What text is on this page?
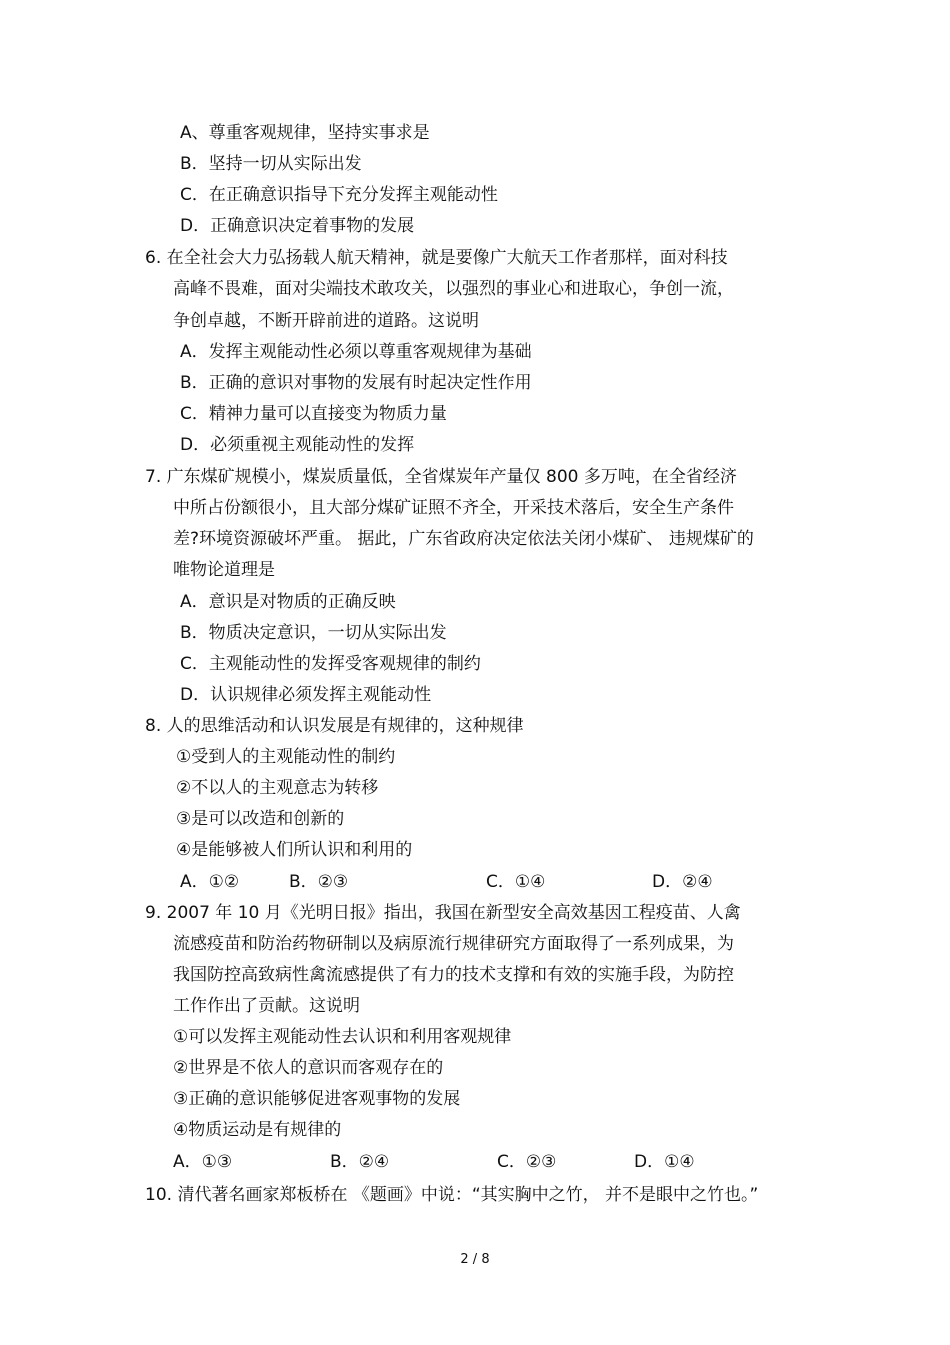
A、尊重客观规律，坚持实事求是
B．坚持一切从实际出发
C．在正确意识指导下充分发挥主观能动性
D．正确意识决定着事物的发展
6. 在全社会大力弘扬载人航天精神，就是要像广大航天工作者那样，面对科技
高峰不畏难，面对尖端技术敢攻关，以强烈的事业心和进取心，争创一流，
争创卓越，不断开辟前进的道路。这说明
A．发挥主观能动性必须以尊重客观规律为基础
B．正确的意识对事物的发展有时起决定性作用
C．精神力量可以直接变为物质力量
D．必须重视主观能动性的发挥
7. 广东煤矿规模小，煤炭质量低，全省煤炭年产量仅 800 多万吨，在全省经济
中所占份额很小，且大部分煤矿证照不齐全，开采技术落后，安全生产条件
差?环境资源破坏严重。 据此，广东省政府决定依法关闭小煤矿、 违规煤矿的
唯物论道理是
A．意识是对物质的正确反映
B．物质决定意识，一切从实际出发
C．主观能动性的发挥受客观规律的制约
D．认识规律必须发挥主观能动性
8. 人的思维活动和认识发展是有规律的，这种规律
①受到人的主观能动性的制约
②不以人的主观意志为转移
③是可以改造和创新的
④是能够被人们所认识和利用的
A．①②	B．②③	C．①④	D．②④
9. 2007 年 10 月《光明日报》指出，我国在新型安全高效基因工程疫苗、人禽
流感疫苗和防治药物研制以及病原流行规律研究方面取得了一系列成果，为
我国防控高致病性禽流感提供了有力的技术支撑和有效的实施手段，为防控
工作作出了贡献。这说明
①可以发挥主观能动性去认识和利用客观规律
②世界是不依人的意识而客观存在的
③正确的意识能够促进客观事物的发展
④物质运动是有规律的
A．①③	B．②④	C．②③	D．①④
10. 清代著名画家郑板桥在 《题画》中说：“其实胸中之竹， 并不是眼中之竹也。”
2 / 8
